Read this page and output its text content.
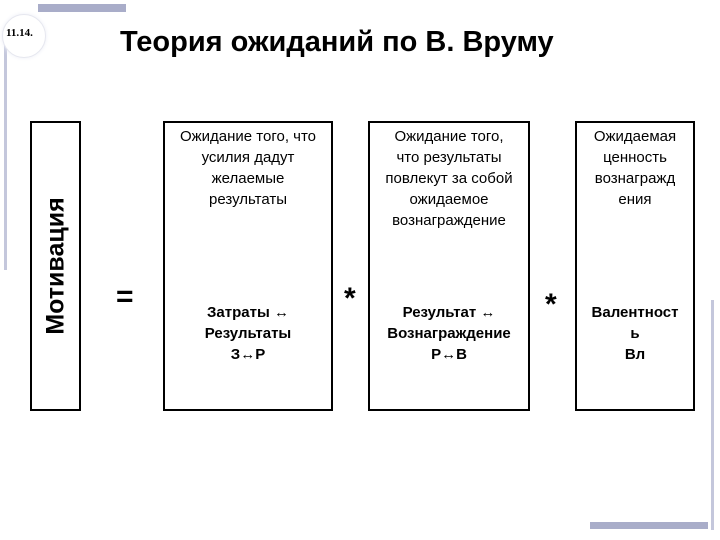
11.14.	Теория ожиданий по В. Вруму
Мотивация =	*	*
Ожидание того, что усилия дадут желаемые результаты
Затраты ↔
Результаты
З↔Р
Ожидание того, что результаты повлекут за собой ожидаемое вознаграждение
Результат ↔
Вознаграждение
Р↔В
Ожидаемая ценность вознагражд ения
Валентност
ь
Вл
